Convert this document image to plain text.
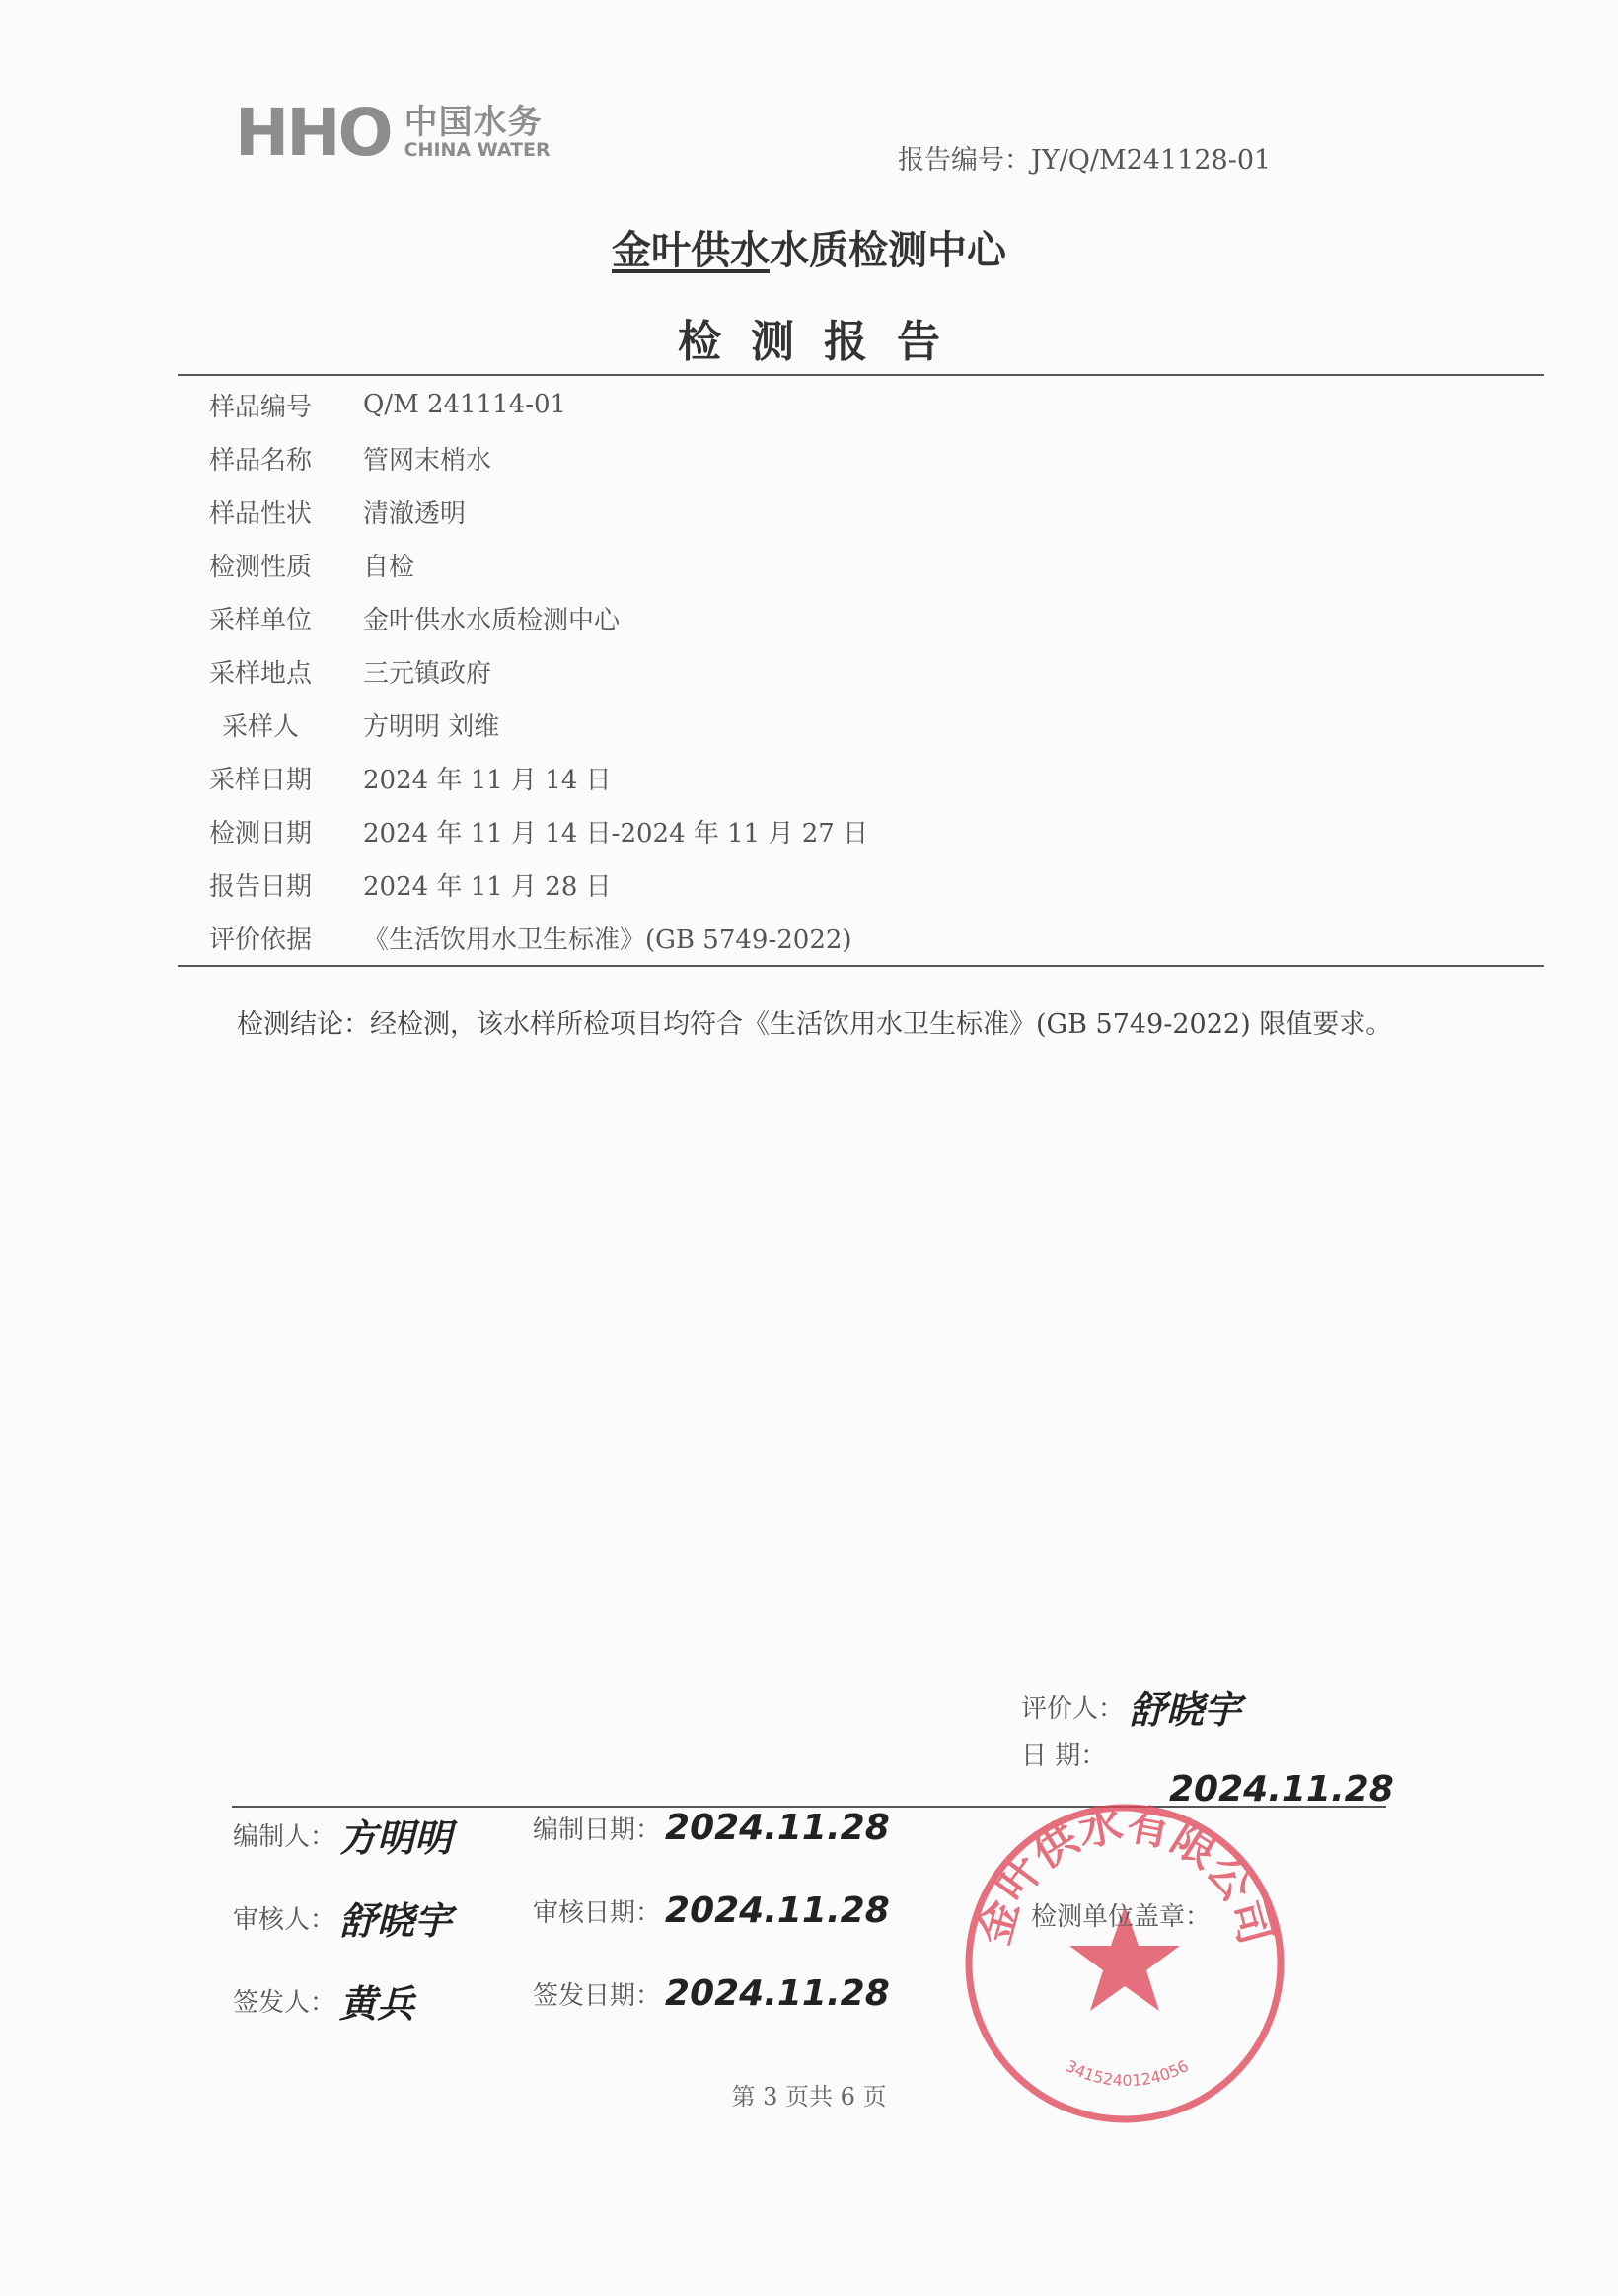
HHO 中国水务
CHINA WATER	报告编号：JY/Q/M241128-01
金叶供水水质检测中心
检测报告
样品编号	Q/M 241114-01
样品名称	管网末梢水
样品性状	清澈透明
检测性质	自检
采样单位	金叶供水水质检测中心
采样地点	三元镇政府
采样人	方明明 刘维
采样日期	2024 年 11 月 14 日
检测日期	2024 年 11 月 14 日-2024 年 11 月 27 日
报告日期	2024 年 11 月 28 日
评价依据	《生活饮用水卫生标准》(GB 5749-2022)
检测结论：经检测，该水样所检项目均符合《生活饮用水卫生标准》(GB 5749-2022) 限值要求。
评价人： 舒晓宇
日 期：
2024.11.28
编制人： 方明明	编制日期： 2024.11.28
审核人： 舒晓宇	审核日期： 2024.11.28
签发人： 黄兵	签发日期： 2024.11.28
金叶供水有限公司
3415240124056
检测单位盖章：
第 3 页共 6 页
